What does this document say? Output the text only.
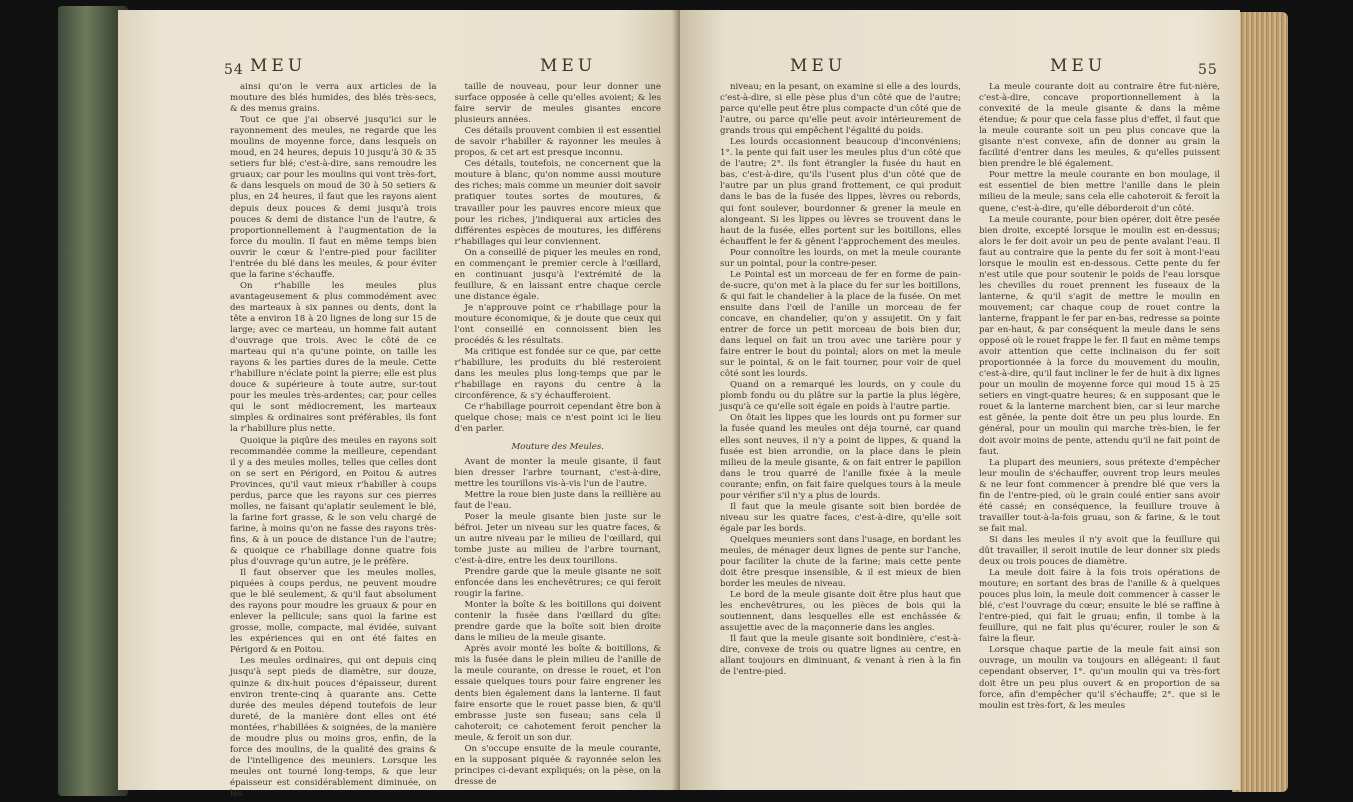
54 MEU	MEU

ainsi qu'on le verra aux articles de la mouture des blés humides, des blés très-secs, & des menus grains.

Tout ce que j'ai observé jusqu'ici sur le rayonnement des meules, ne regarde que les moulins de moyenne force, dans lesquels on moud, en 24 heures, depuis 10 jusqu'à 30 & 35 setiers fur blé; c'est-à-dire, sans remoudre les gruaux; car pour les moulins qui vont très-fort, & dans lesquels on moud de 30 à 50 setiers & plus, en 24 heures, il faut que les rayons aient depuis deux pouces & demi jusqu'à trois pouces & demi de distance l'un de l'autre, & proportionnellement à l'augmentation de la force du moulin. Il faut en même temps bien ouvrir le cœur & l'entre-pied pour faciliter l'entrée du blé dans les meules, & pour éviter que la farine s'échauffe.

On r'habille les meules plus avantageusement & plus commodément avec des marteaux à six pannes ou dents, dont la tête a environ 18 à 20 lignes de long sur 15 de large; avec ce marteau, un homme fait autant d'ouvrage que trois. Avec le côté de ce marteau qui n'a qu'une pointe, on taille les rayons & les parties dures de la meule. Cette r'habillure n'éclate point la pierre; elle est plus douce & supérieure à toute autre, sur-tout pour les meules très-ardentes; car, pour celles qui le sont médiocrement, les marteaux simples & ordinaires sont préférables, ils font la r'habillure plus nette.

Quoique la piqûre des meules en rayons soit recommandée comme la meilleure, cependant il y a des meules molles, telles que celles dont on se sert en Périgord, en Poitou & autres Provinces, qu'il vaut mieux r'habiller à coups perdus, parce que les rayons sur ces pierres molles, ne faisant qu'aplatir seulement le blé, la farine fort grasse, & le son velu chargé de farine, à moins qu'on ne fasse des rayons très-fins, & à un pouce de distance l'un de l'autre; & quoique ce r'habillage donne quatre fois plus d'ouvrage qu'un autre, je le préfère.

Il faut observer que les meules molles, piquées à coups perdus, ne peuvent moudre que le blé seulement, & qu'il faut absolument des rayons pour moudre les gruaux & pour en enlever la pellicule; sans quoi la farine est grosse, molle, compacte, mal évidée, suivant les expériences qui en ont été faites en Périgord & en Poitou.

Les meules ordinaires, qui ont depuis cinq jusqu'à sept pieds de diamètre, sur douze, quinze & dix-huit pouces d'épaisseur, durent environ trente-cinq à quarante ans. Cette durée des meules dépend toutefois de leur dureté, de la manière dont elles ont été montées, r'habillées & soignées, de la manière de moudre plus ou moins gros, enfin, de la force des moulins, de la qualité des grains & de l'intelligence des meuniers. Lorsque les meules ont tourné long-temps, & que leur épaisseur est considérablement diminuée, on les

taille de nouveau, pour leur donner une surface opposée à celle qu'elles avoient; & les faire servir de meules gisantes encore plusieurs années.

Ces détails prouvent combien il est essentiel de savoir r'habiller & rayonner les meules à propos, & cet art est presque inconnu.

Ces détails, toutefois, ne concernent que la mouture à blanc, qu'on nomme aussi mouture des riches; mais comme un meunier doit savoir pratiquer toutes sortes de moutures, & travailler pour les pauvres encore mieux que pour les riches, j'indiquerai aux articles des différentes espèces de moutures, les différens r'habillages qui leur conviennent.

On a conseillé de piquer les meules en rond, en commençant le premier cercle à l'œillard, en continuant jusqu'à l'extrémité de la feuillure, & en laissant entre chaque cercle une distance égale.

Je n'approuve point ce r'habillage pour la mouture économique, & je doute que ceux qui l'ont conseillé en connoissent bien les procédés & les résultats.

Ma critique est fondée sur ce que, par cette r'habillure, les produits du blé resteroient dans les meules plus long-temps que par le r'habillage en rayons du centre à la circonférence, & s'y échaufferoient.

Ce r'habillage pourroit cependant être bon à quelque chose; mais ce n'est point ici le lieu d'en parler.

Mouture des Meules.

Avant de monter la meule gisante, il faut bien dresser l'arbre tournant, c'est-à-dire, mettre les tourillons vis-à-vis l'un de l'autre.

Mettre la roue bien juste dans la reillière au faut de l'eau.

Poser la meule gisante bien juste sur le béfroi. Jeter un niveau sur les quatre faces, & un autre niveau par le milieu de l'œillard, qui tombe juste au milieu de l'arbre tournant, c'est-à-dire, entre les deux tourillons.

Prendre garde que la meule gisante ne soit enfoncée dans les enchevêtrures; ce qui feroit rougir la farine.

Monter la boîte & les boitillons qui doivent contenir la fusée dans l'œillard du gîte: prendre garde que la boîte soit bien droite dans le milieu de la meule gisante.

Après avoir monté les boîte & boitillons, & mis la fusée dans le plein milieu de l'anille de la meule courante, on dresse le rouet, et l'on essaie quelques tours pour faire engrener les dents bien également dans la lanterne. Il faut faire ensorte que le rouet passe bien, & qu'il embrasse juste son fuseau; sans cela il cahoteroit; ce cahotement feroit pencher la meule, & feroit un son dur.

On s'occupe ensuite de la meule courante, en la supposant piquée & rayonnée selon les principes ci-devant expliqués; on la pèse, on la dresse de

MEU	MEU	55

niveau; en la pesant, on examine si elle a des lourds, c'est-à-dire, si elle pèse plus d'un côté que de l'autre; parce qu'elle peut être plus compacte d'un côté que de l'autre, ou parce qu'elle peut avoir intérieurement de grands trous qui empêchent l'égalité du poids.

Les lourds occasionnent beaucoup d'inconvéniens; 1°. la pente qui fait user les meules plus d'un côté que de l'autre; 2°. ils font étrangler la fusée du haut en bas, c'est-à-dire, qu'ils l'usent plus d'un côté que de l'autre par un plus grand frottement, ce qui produit dans le bas de la fusée des lippes, lèvres ou rebords, qui font soulever, bourdonner & grener la meule en alongeant. Si les lippes ou lèvres se trouvent dans le haut de la fusée, elles portent sur les boitillons, elles échauffent le fer & gênent l'approchement des meules.

Pour connoître les lourds, on met la meule courante sur un pointal, pour la contre-peser.

Le Pointal est un morceau de fer en forme de pain-de-sucre, qu'on met à la place du fer sur les boitillons, & qui fait le chandelier à la place de la fusée. On met ensuite dans l'œil de l'anille un morceau de fer concave, en chandelier, qu'on y assujetit. On y fait entrer de force un petit morceau de bois bien dur, dans lequel on fait un trou avec une tarière pour y faire entrer le bout du pointal; alors on met la meule sur le pointal, & on le fait tourner, pour voir de quel côté sont les lourds.

Quand on a remarqué les lourds, on y coule du plomb fondu ou du plâtre sur la partie la plus légère, jusqu'à ce qu'elle soit égale en poids à l'autre partie.

On ôtait les lippes que les lourds ont pu former sur la fusée quand les meules ont déja tourné, car quand elles sont neuves, il n'y a point de lippes, & quand la fusée est bien arrondie, on la place dans le plein milieu de la meule gisante, & on fait entrer le papillon dans le trou quarré de l'anille fixée à la meule courante; enfin, on fait faire quelques tours à la meule pour vérifier s'il n'y a plus de lourds.

Il faut que la meule gisante soit bien bordée de niveau sur les quatre faces, c'est-à-dire, qu'elle soit égale par les bords.

Quelques meuniers sont dans l'usage, en bordant les meules, de ménager deux lignes de pente sur l'anche, pour faciliter la chute de la farine; mais cette pente doit être presque insensible, & il est mieux de bien border les meules de niveau.

Le bord de la meule gisante doit être plus haut que les enchevêtrures, ou les pièces de bois qui la soutiennent, dans lesquelles elle est enchâssée & assujettie avec de la maçonnerie dans les angles.

Il faut que la meule gisante soit bondinière, c'est-à-dire, convexe de trois ou quatre lignes au centre, en allant toujours en diminuant, & venant à rien à la fin de l'entre-pied.

La meule courante doit au contraire être fut-nière, c'est-à-dire, concave proportionnellement à la convexité de la meule gisante & dans la même étendue; & pour que cela fasse plus d'effet, il faut que la meule courante soit un peu plus concave que la gisante n'est convexe, afin de donner au grain la facilité d'entrer dans les meules, & qu'elles puissent bien prendre le blé également.

Pour mettre la meule courante en bon moulage, il est essentiel de bien mettre l'anille dans le plein milieu de la meule; sans cela elle cahoteroit & feroit la quene, c'est-à-dire, qu'elle déborderoit d'un côté.

La meule courante, pour bien opérer, doit être pesée bien droite, excepté lorsque le moulin est en-dessus; alors le fer doit avoir un peu de pente avalant l'eau. Il faut au contraire que la pente du fer soit à mont-l'eau lorsque le moulin est en-dessous. Cette pente du fer n'est utile que pour soutenir le poids de l'eau lorsque les chevilles du rouet prennent les fuseaux de la lanterne, & qu'il s'agit de mettre le moulin en mouvement; car chaque coup de rouet contre la lanterne, frappant le fer par en-bas, redresse sa pointe par en-haut, & par conséquent la meule dans le sens opposé où le rouet frappe le fer. Il faut en même temps avoir attention que cette inclinaison du fer soit proportionnée à la force du mouvement du moulin, c'est-à-dire, qu'il faut incliner le fer de huit à dix lignes pour un moulin de moyenne force qui moud 15 à 25 setiers en vingt-quatre heures; & en supposant que le rouet & la lanterne marchent bien, car si leur marche est gênée, la pente doit être un peu plus lourde. En général, pour un moulin qui marche très-bien, le fer doit avoir moins de pente, attendu qu'il ne fait point de faut.

La plupart des meuniers, sous prétexte d'empêcher leur moulin de s'échauffer, ouvrent trop leurs meules & ne leur font commencer à prendre blé que vers la fin de l'entre-pied, où le grain coulé entier sans avoir été cassé; en conséquence, la feuillure trouve à travailler tout-à-la-fois gruau, son & farine, & le tout se fait mal.

Si dans les meules il n'y avoit que la feuillure qui dût travailler, il seroit inutile de leur donner six pieds deux ou trois pouces de diamètre.

La meule doit faire à la fois trois opérations de mouture; en sortant des bras de l'anille & à quelques pouces plus loin, la meule doit commencer à casser le blé, c'est l'ouvrage du cœur; ensuite le blé se raffine à l'entre-pied, qui fait le gruau; enfin, il tombe à la feuillure, qui ne fait plus qu'écurer, rouler le son & faire la fleur.

Lorsque chaque partie de la meule fait ainsi son ouvrage, un moulin va toujours en allégeant: il faut cependant observer, 1°. qu'un moulin qui va très-fort doit être un peu plus ouvert & en proportion de sa force, afin d'empêcher qu'il s'échauffe; 2°. que si le moulin est très-fort, & les meules
